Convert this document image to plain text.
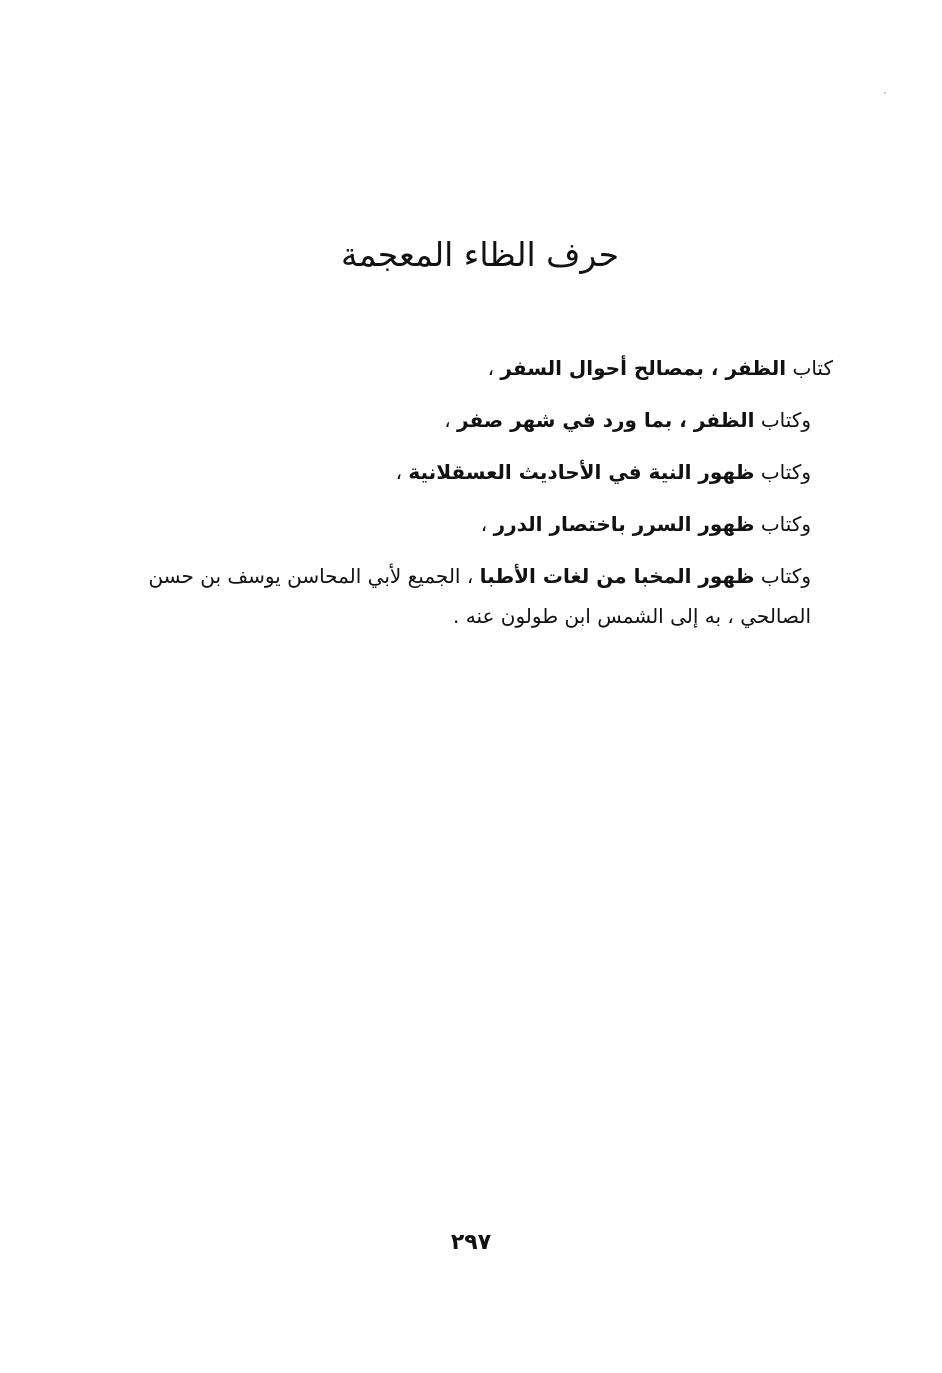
حرف الظاء المعجمة

كتاب الظفر ، بمصالح أحوال السفر ،

وكتاب الظفر ، بما ورد في شهر صفر ،

وكتاب ظهور النية في الأحاديث العسقلانية ،

وكتاب ظهور السرر باختصار الدرر ،

وكتاب ظهور المخبا من لغات الأطبا ، الجميع لأبي المحاسن يوسف بن حسن الصالحي ، به إلى الشمس ابن طولون عنه .

٢٩٧
